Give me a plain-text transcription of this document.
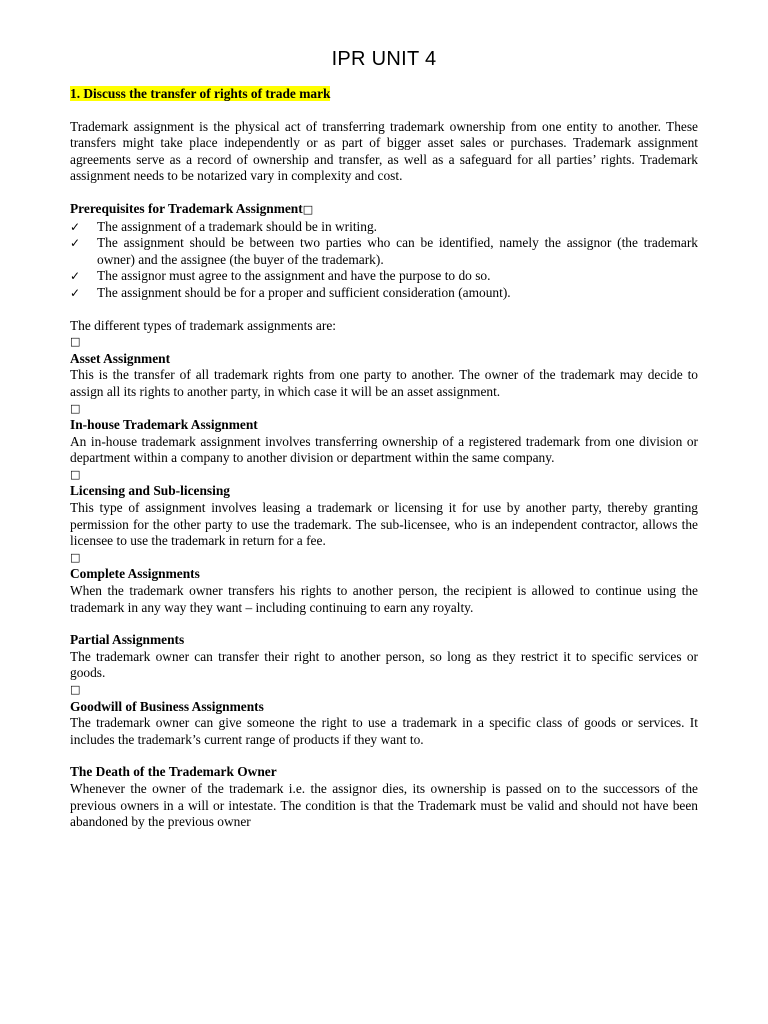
IPR UNIT 4
1. Discuss the transfer of rights of trade mark

Trademark assignment is the physical act of transferring trademark ownership from one entity to another. These transfers might take place independently or as part of bigger asset sales or purchases. Trademark assignment agreements serve as a record of ownership and transfer, as well as a safeguard for all parties’ rights. Trademark assignment needs to be notarized vary in complexity and cost.

Prerequisites for Trademark Assignment□
✓ The assignment of a trademark should be in writing.
✓ The assignment should be between two parties who can be identified, namely the assignor (the trademark owner) and the assignee (the buyer of the trademark).
✓ The assignor must agree to the assignment and have the purpose to do so.
✓ The assignment should be for a proper and sufficient consideration (amount).

The different types of trademark assignments are:

□
Asset Assignment

This is the transfer of all trademark rights from one party to another. The owner of the trademark may decide to assign all its rights to another party, in which case it will be an asset assignment.

□
In-house Trademark Assignment

An in-house trademark assignment involves transferring ownership of a registered trademark from one division or department within a company to another division or department within the same company.

□
Licensing and Sub-licensing

This type of assignment involves leasing a trademark or licensing it for use by another party, thereby granting permission for the other party to use the trademark. The sub-licensee, who is an independent contractor, allows the licensee to use the trademark in return for a fee.

□
Complete Assignments

When the trademark owner transfers his rights to another person, the recipient is allowed to continue using the trademark in any way they want – including continuing to earn any royalty.

Partial Assignments

The trademark owner can transfer their right to another person, so long as they restrict it to specific services or goods.

□
Goodwill of Business Assignments

The trademark owner can give someone the right to use a trademark in a specific class of goods or services. It includes the trademark’s current range of products if they want to.

The Death of the Trademark Owner

Whenever the owner of the trademark i.e. the assignor dies, its ownership is passed on to the successors of the previous owners in a will or intestate. The condition is that the Trademark must be valid and should not have been abandoned by the previous owner
